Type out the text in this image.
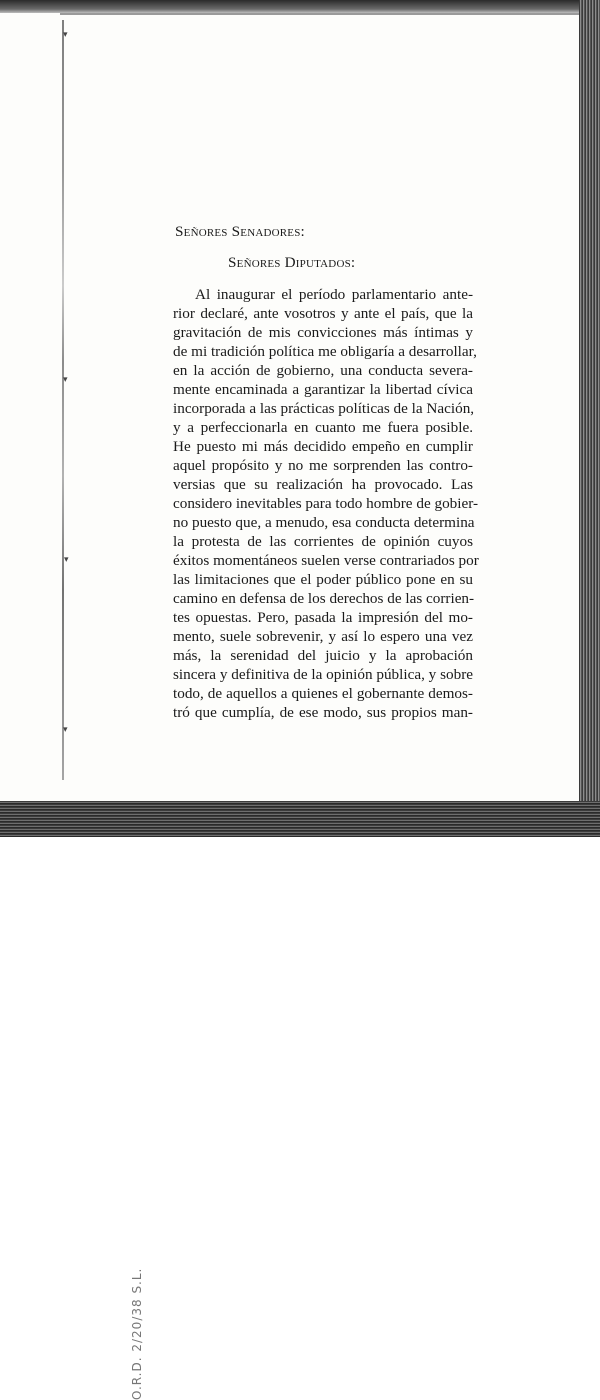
▾
▾
▾
▾
O.R.D. 2/20/38 S.L.

Señores Senadores:

Señores Diputados:

Al inaugurar el período parlamentario ante-
rior declaré, ante vosotros y ante el país, que la
gravitación de mis convicciones más íntimas y
de mi tradición política me obligaría a desarrollar,
en la acción de gobierno, una conducta severa-
mente encaminada a garantizar la libertad cívica
incorporada a las prácticas políticas de la Nación,
y a perfeccionarla en cuanto me fuera posible.
He puesto mi más decidido empeño en cumplir
aquel propósito y no me sorprenden las contro-
versias que su realización ha provocado. Las
considero inevitables para todo hombre de gobier-
no puesto que, a menudo, esa conducta determina
la protesta de las corrientes de opinión cuyos
éxitos momentáneos suelen verse contrariados por
las limitaciones que el poder público pone en su
camino en defensa de los derechos de las corrien-
tes opuestas. Pero, pasada la impresión del mo-
mento, suele sobrevenir, y así lo espero una vez
más, la serenidad del juicio y la aprobación
sincera y definitiva de la opinión pública, y sobre
todo, de aquellos a quienes el gobernante demos-
tró que cumplía, de ese modo, sus propios man-
